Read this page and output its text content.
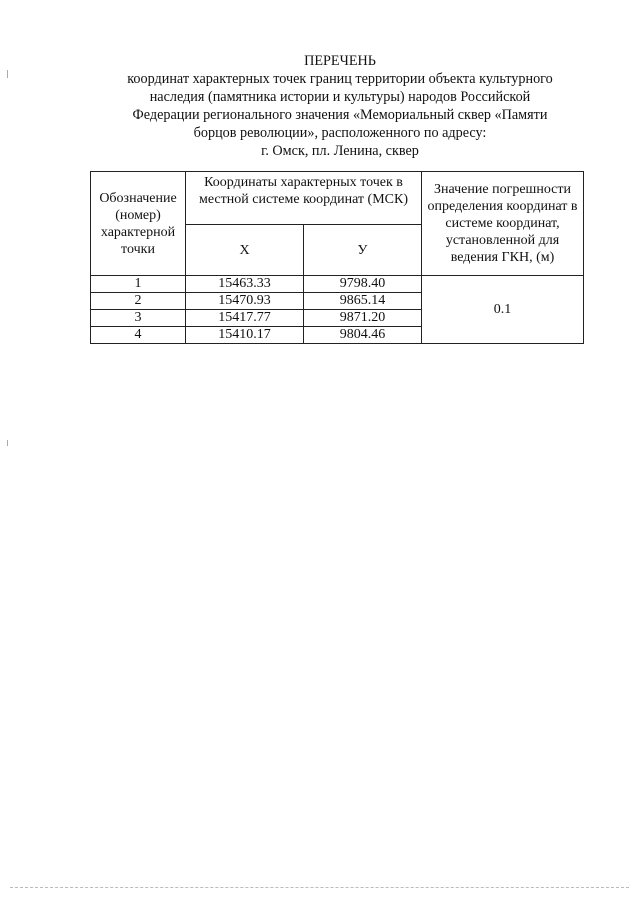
ПЕРЕЧЕНЬ
координат характерных точек границ территории объекта культурного
наследия (памятника истории и культуры) народов Российской
Федерации регионального значения «Мемориальный сквер «Памяти
борцов революции», расположенного по адресу:
г. Омск, пл. Ленина, сквер
Обозначение (номер) характерной точки	Координаты характерных точек в местной системе координат (МСК)		Значение погрешности определения координат в системе координат, установленной для ведения ГКН, (м)
	X	У	
1	15463.33	9798.40	0.1
2	15470.93	9865.14	
3	15417.77	9871.20	
4	15410.17	9804.46	
